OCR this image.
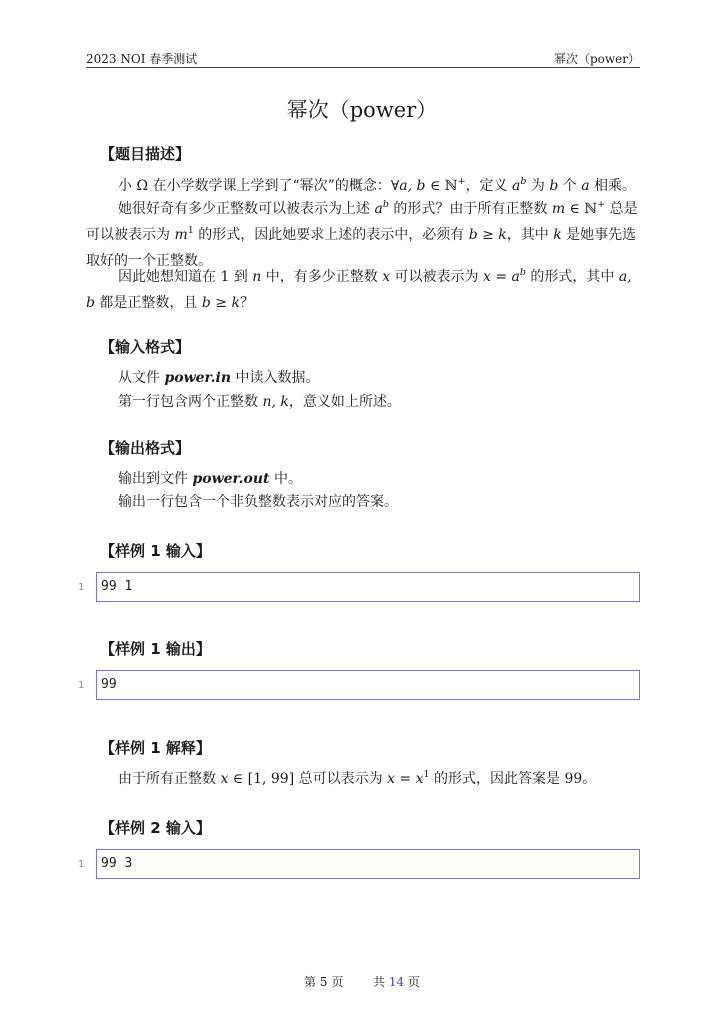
2023 NOI 春季测试	幂次（power）
幂次（power）
【题目描述】
小 Ω 在小学数学课上学到了“幂次”的概念：∀a, b ∈ ℕ+，定义 $a^b$ 为 b 个 a 相乘。
她很好奇有多少正整数可以被表示为上述 $a^b$ 的形式？由于所有正整数 m ∈ ℕ+ 总是可以被表示为 $m^1$ 的形式，因此她要求上述的表示中，必须有 b ≥ k，其中 k 是她事先选取好的一个正整数。
因此她想知道在 1 到 n 中，有多少正整数 x 可以被表示为 $x = a^b$ 的形式，其中 a, b 都是正整数，且 b ≥ k？
【输入格式】
从文件 power.in 中读入数据。
第一行包含两个正整数 n, k，意义如上所述。
【输出格式】
输出到文件 power.out 中。
输出一行包含一个非负整数表示对应的答案。
【样例 1 输入】
1 99 1
【样例 1 输出】
1 99
【样例 1 解释】
由于所有正整数 x ∈ [1, 99] 总可以表示为 $x = x^1$ 的形式，因此答案是 99。
【样例 2 输入】
1 99 3
第 5 页 共 14 页
